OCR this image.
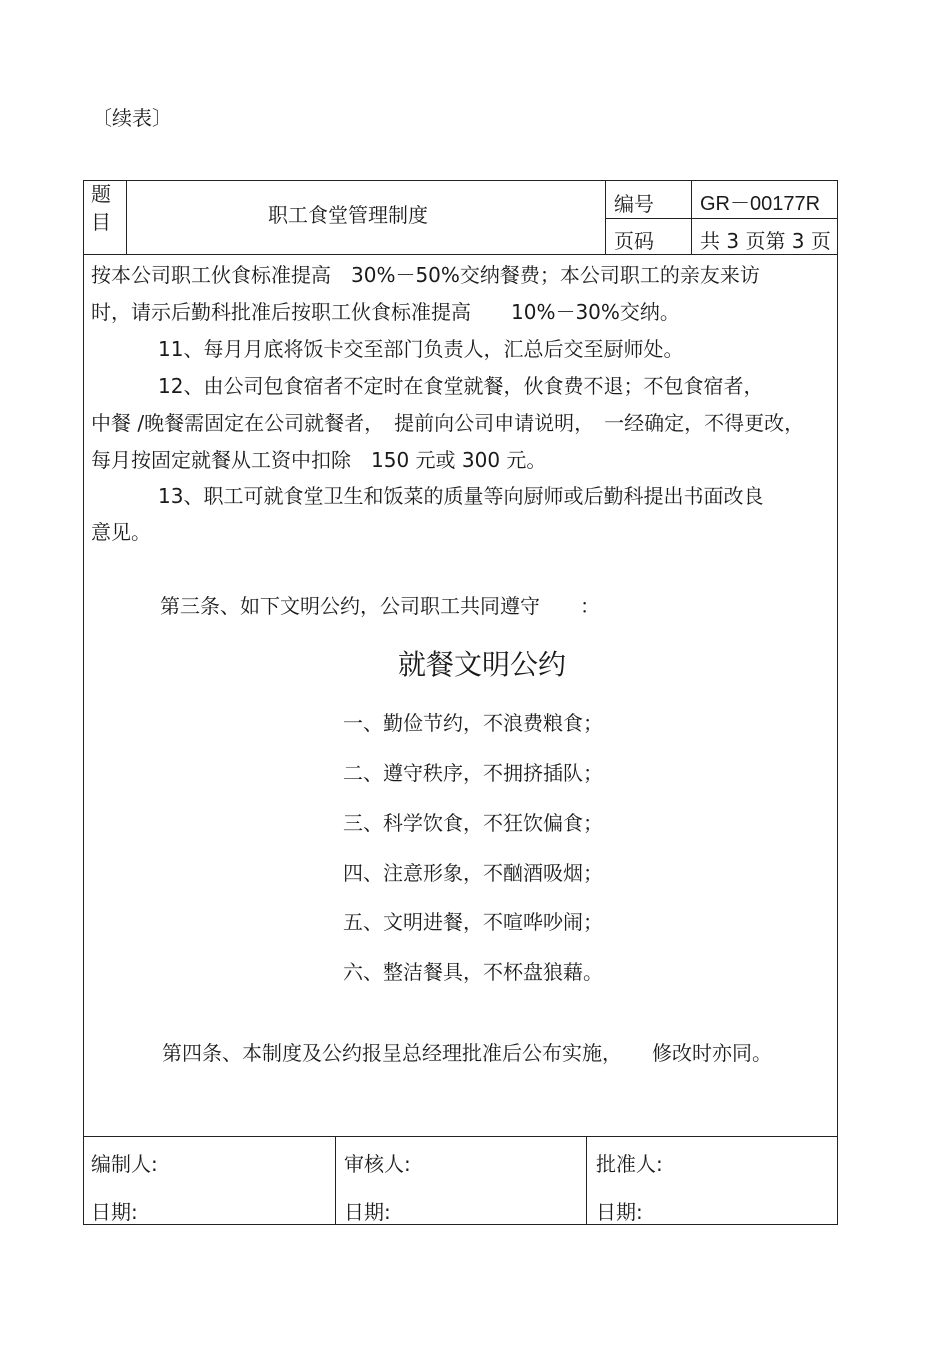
〔续表〕
题
目	职工食堂管理制度	编号 GR－00177R
页码 共 3 页第 3 页
按本公司职工伙食标准提高　30%－50%交纳餐费；本公司职工的亲友来访
时，请示后勤科批准后按职工伙食标准提高　　10%－30%交纳。
11、每月月底将饭卡交至部门负责人，汇总后交至厨师处。
12、由公司包食宿者不定时在食堂就餐，伙食费不退；不包食宿者，
中餐 /晚餐需固定在公司就餐者，　提前向公司申请说明，　一经确定，不得更改，
每月按固定就餐从工资中扣除　150 元或 300 元。
13、职工可就食堂卫生和饭菜的质量等向厨师或后勤科提出书面改良
意见。
第三条、如下文明公约，公司职工共同遵守　　：
就餐文明公约
一、勤俭节约，不浪费粮食；
二、遵守秩序，不拥挤插队；
三、科学饮食，不狂饮偏食；
四、注意形象，不酗酒吸烟；
五、文明进餐，不喧哗吵闹；
六、整洁餐具，不杯盘狼藉。
第四条、本制度及公约报呈总经理批准后公布实施，　　修改时亦同。
编制人:	审核人:	批准人:
日期:	日期:	日期:
